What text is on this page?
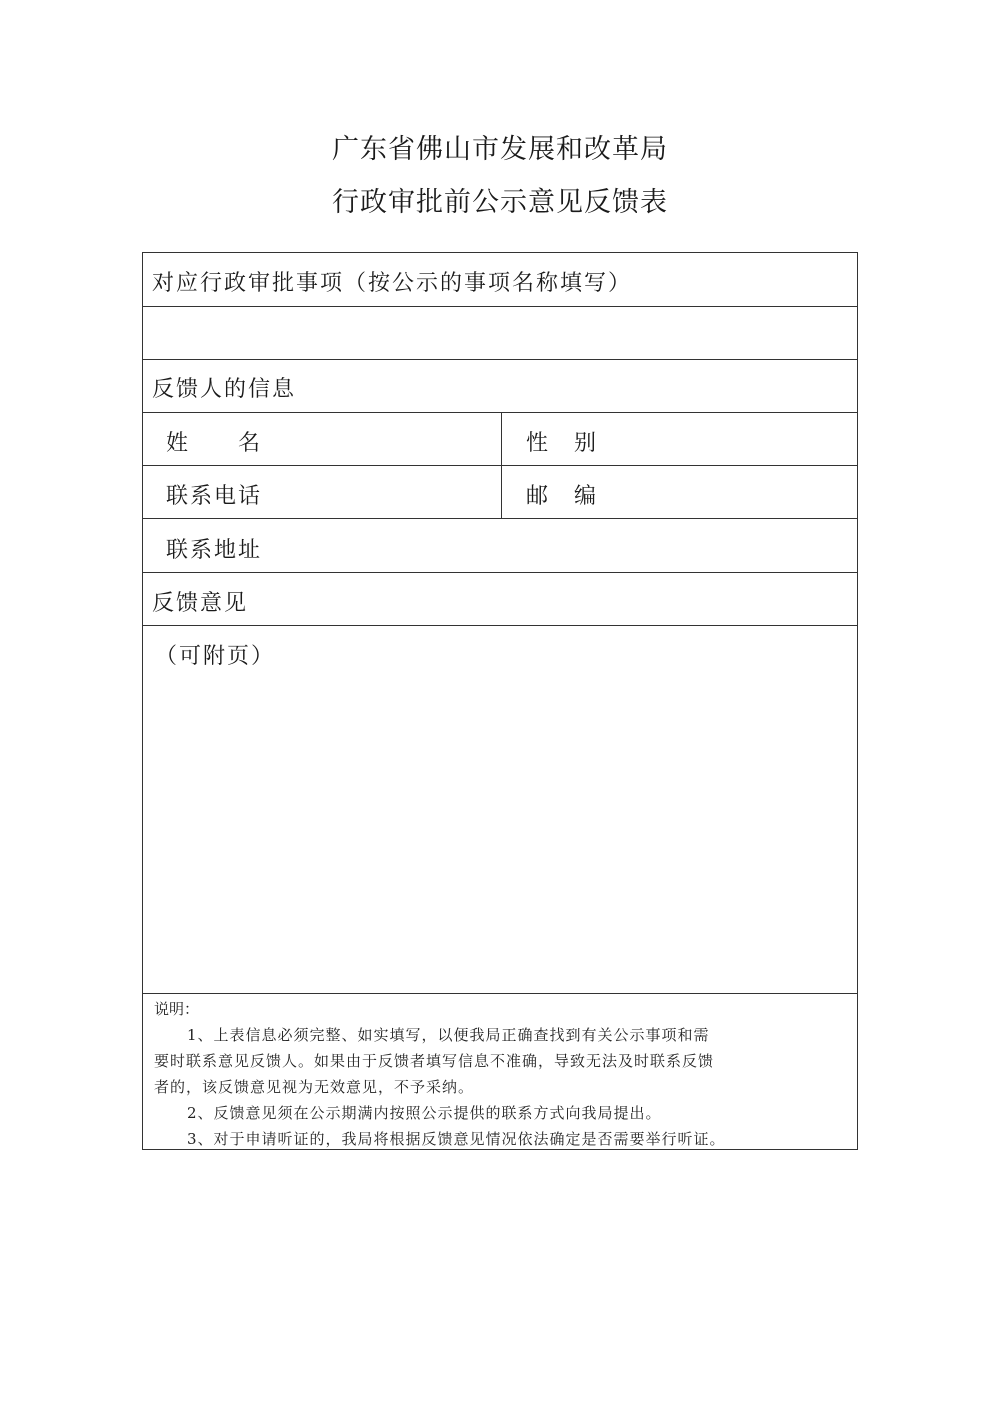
广东省佛山市发展和改革局
行政审批前公示意见反馈表
对应行政审批事项（按公示的事项名称填写）
反馈人的信息
姓　　名	性　别
联系电话	邮　编
联系地址
反馈意见
（可附页）
说明：
1、上表信息必须完整、如实填写，以便我局正确查找到有关公示事项和需
要时联系意见反馈人。如果由于反馈者填写信息不准确，导致无法及时联系反馈
者的，该反馈意见视为无效意见，不予采纳。
2、反馈意见须在公示期满内按照公示提供的联系方式向我局提出。
3、对于申请听证的，我局将根据反馈意见情况依法确定是否需要举行听证。
